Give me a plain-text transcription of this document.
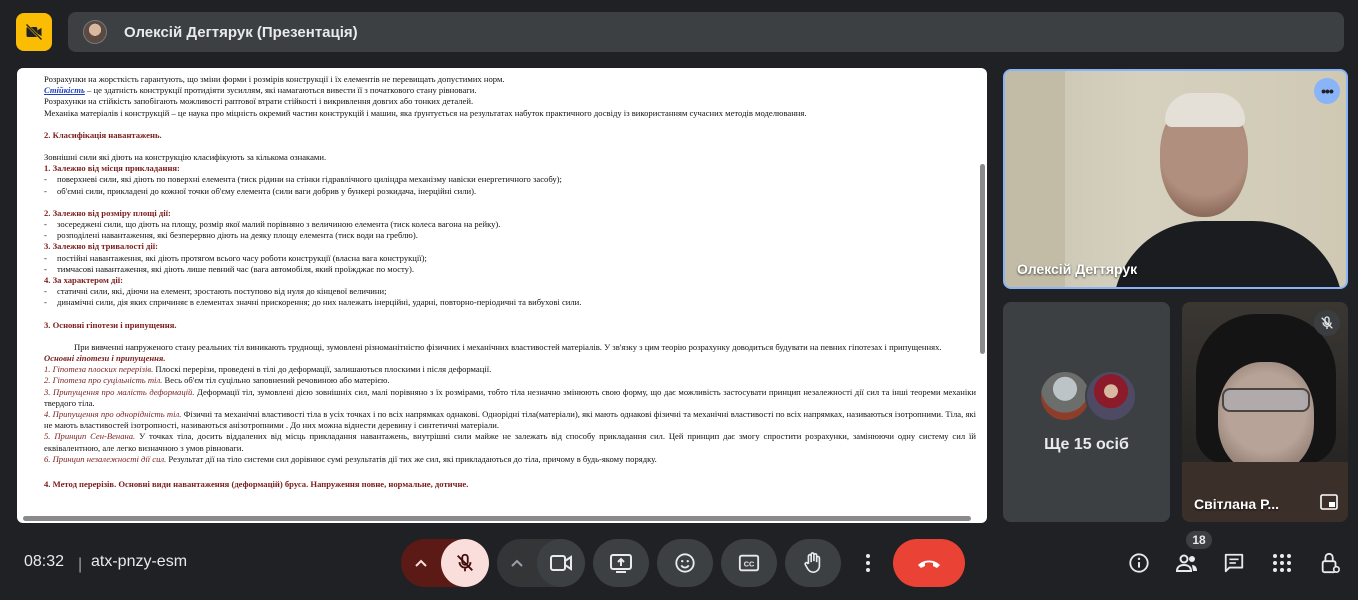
Олексій Дегтярук (Презентація)

Розрахунки на жорсткість гарантують, що зміни форми і розмірів конструкції і їх елементів не перевищать допустимих норм.

Стійкість – це здатність конструкції протидіяти зусиллям, які намагаються вивести її з початкового стану рівноваги.

Розрахунки на стійкість запобігають можливості раптової втрати стійкості і викривлення довгих або тонких деталей.

Механіка матеріалів і конструкцій – це наука про міцність окремий частин конструкцій і машин, яка ґрунтується на результатах набуток практичного досвіду із використанням сучасних методів моделювання.

2. Класифікація навантажень.

Зовнішні сили які діють на конструкцію класифікують за кількома ознаками.

1. Залежно від місця прикладання:

- поверхневі сили, які діють по поверхні елемента (тиск рідини на стінки гідравлічного циліндра механізму навіски енергетичного засобу);

- об'ємні сили, прикладені до кожної точки об'єму елемента (сили ваги добрив у бункері розкидача, інерційні сили).

2. Залежно від розміру площі дії:

- зосереджені сили, що діють на площу, розмір якої малий порівняно з величиною елемента (тиск колеса вагона на рейку).

- розподілені навантаження, які безперервно діють на деяку площу елемента (тиск води на греблю).

3. Залежно від тривалості дії:

- постійні навантаження, які діють протягом всього часу роботи конструкції (власна вага конструкції);

- тимчасові навантаження, які діють лише певний час (вага автомобіля, який проїжджає по мосту).

4. За характером дії:

- статичні сили, які, діючи на елемент, зростають поступово від нуля до кінцевої величини;

- динамічні сили, дія яких спричиняє в елементах значні прискорення; до них належать інерційні, ударні, повторно-періодичні та вибухові сили.

3. Основні гіпотези і припущення.

При вивченні напруженого стану реальних тіл виникають труднощі, зумовлені різноманітністю фізичних і механічних властивостей матеріалів. У зв'язку з цим теорію розрахунку доводиться будувати на певних гіпотезах і припущеннях.

Основні гіпотези і припущення.

1. Гіпотеза плоских перерізів. Плоскі перерізи, проведені в тілі до деформації, залишаються плоскими і після деформації.

2. Гіпотеза про суцільність тіл. Весь об'єм тіл суцільно заповнений речовиною або матерією.

3. Припущення про малість деформацій. Деформації тіл, зумовлені дією зовнішніх сил, малі порівняно з їх розмірами, тобто тіла незначно змінюють свою форму, що дає можливість застосувати принцип незалежності дії сил та інші теореми механіки твердого тіла.

4. Припущення про однорідність тіл. Фізичні та механічні властивості тіла в усіх точках і по всіх напрямках однакові. Однорідні тіла(матеріали), які мають однакові фізичні та механічні властивості по всіх напрямках, називаються ізотропними. Тіла, які не мають властивостей ізотропності, називаються анізотропними . До них можна віднести деревину і синтетичні матеріали.

5. Принцип Сен-Венана. У точках тіла, досить віддалених від місць прикладання навантажень, внутрішні сили майже не залежать від способу прикладання сил. Цей принцип дає змогу спростити розрахунки, замінюючи одну систему сил їй еквівалентною, але легко визначною з умов рівноваги.

6. Принцип незалежності дії сил. Результат дії на тіло системи сил дорівнює сумі результатів дії тих же сил, які прикладаються до тіла, причому в будь-якому порядку.

4. Метод перерізів. Основні види навантаження (деформацій) бруса. Напруження повне, нормальне, дотичне.

•••
Олексій Дегтярук
Ще 15 осіб
Світлана Р...
08:32 | atx-pnzy-esm	CC
18
